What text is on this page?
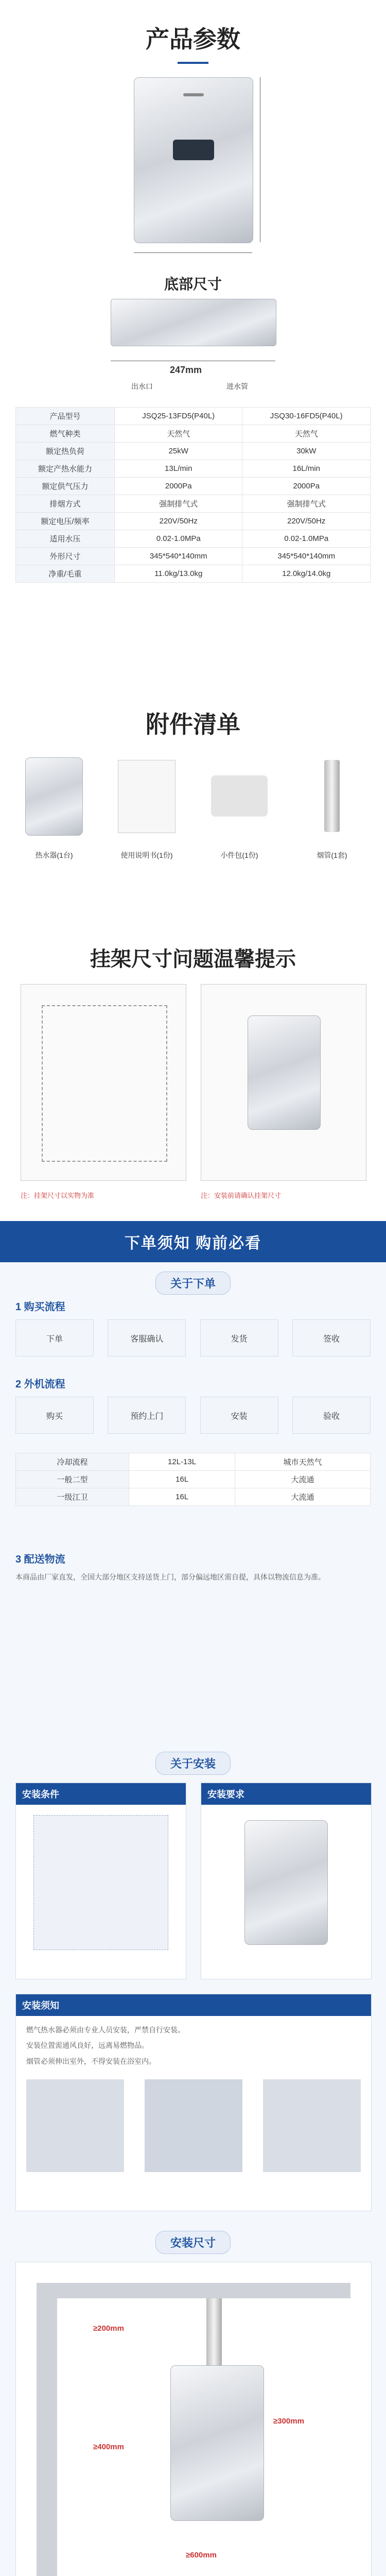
产品参数
底部尺寸
247mm
出水口	进水管
产品型号	JSQ25-13FD5(P40L)	JSQ30-16FD5(P40L)
燃气种类	天然气	天然气
额定热负荷	25kW	30kW
额定产热水能力	13L/min	16L/min
额定供气压力	2000Pa	2000Pa
排烟方式	强制排气式	强制排气式
额定电压/频率	220V/50Hz	220V/50Hz
适用水压	0.02-1.0MPa	0.02-1.0MPa
外形尺寸	345*540*140mm	345*540*140mm
净重/毛重	11.0kg/13.0kg	12.0kg/14.0kg
附件清单
热水器(1台)	使用说明书(1份)	小件包(1份)	烟管(1套)
挂架尺寸问题温馨提示
注：挂架尺寸以实物为准	注：安装前请确认挂架尺寸
下单须知 购前必看
关于下单
1 购买流程
下单	客服确认	发货	签收
2 外机流程
购买	预约上门	安装	验收
冷却流程	12L-13L	城市天然气
一般二型	16L	大流通
一级江卫	16L	大流通
3 配送物流
本商品由厂家直发，全国大部分地区支持送货上门，部分偏远地区需自提，具体以物流信息为准。
关于安装
安装条件	安装要求
安装须知
燃气热水器必须由专业人员安装，严禁自行安装。
安装位置需通风良好，远离易燃物品。
烟管必须伸出室外，不得安装在浴室内。
安装尺寸
≥200mm
≥300mm
≥400mm
≥600mm
